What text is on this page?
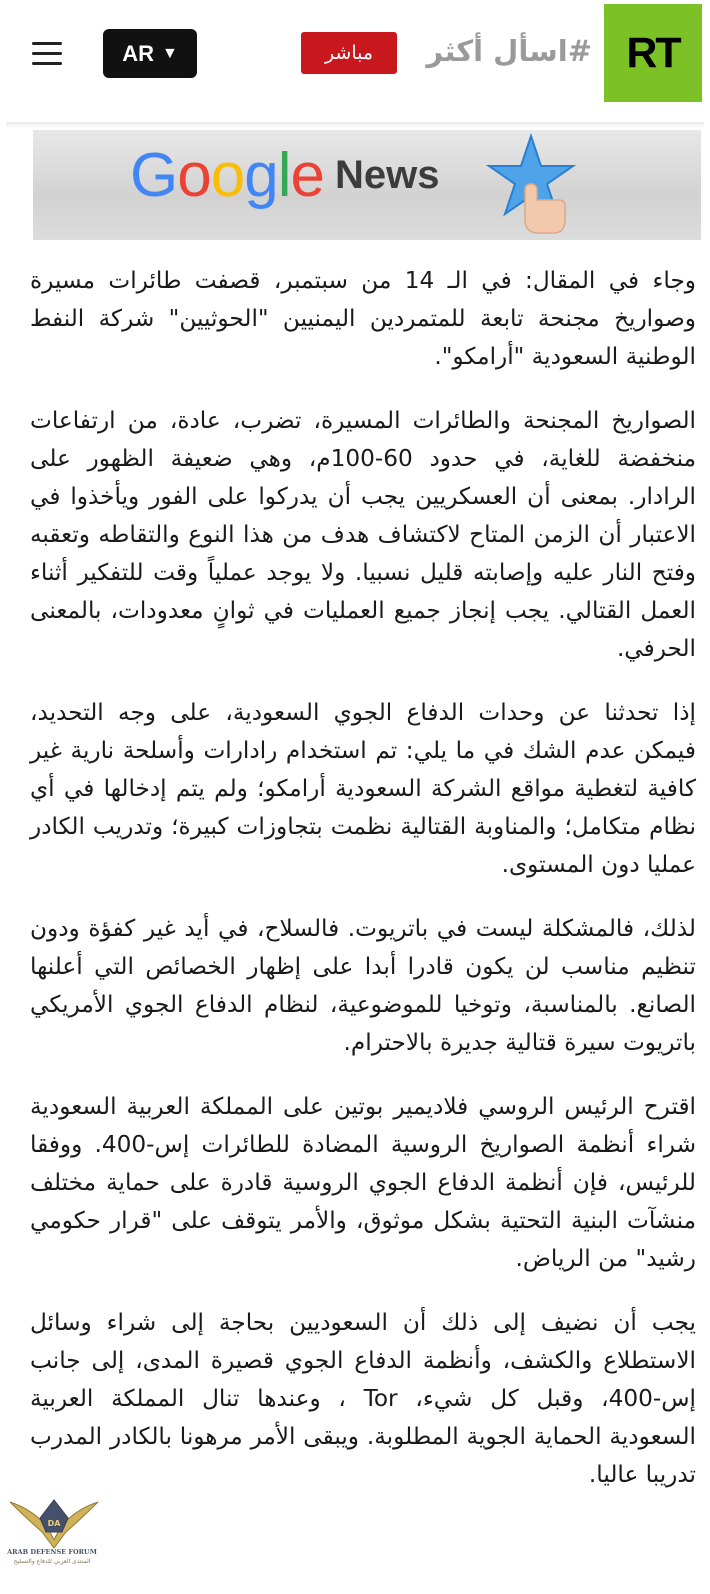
AR ▼	مباشر	#اسأل أكثر RT
Google News

وجاء في المقال: في الـ 14 من سبتمبر، قصفت طائرات مسيرة وصواريخ مجنحة تابعة للمتمردين اليمنيين "الحوثيين" شركة النفط الوطنية السعودية "أرامكو".

الصواريخ المجنحة والطائرات المسيرة، تضرب، عادة، من ارتفاعات منخفضة للغاية، في حدود 60-100م، وهي ضعيفة الظهور على الرادار. بمعنى أن العسكريين يجب أن يدركوا على الفور ويأخذوا في الاعتبار أن الزمن المتاح لاكتشاف هدف من هذا النوع والتقاطه وتعقبه وفتح النار عليه وإصابته قليل نسبيا. ولا يوجد عملياً وقت للتفكير أثناء العمل القتالي. يجب إنجاز جميع العمليات في ثوانٍ معدودات، بالمعنى الحرفي.

إذا تحدثنا عن وحدات الدفاع الجوي السعودية، على وجه التحديد، فيمكن عدم الشك في ما يلي: تم استخدام رادارات وأسلحة نارية غير كافية لتغطية مواقع الشركة السعودية أرامكو؛ ولم يتم إدخالها في أي نظام متكامل؛ والمناوبة القتالية نظمت بتجاوزات كبيرة؛ وتدريب الكادر عمليا دون المستوى.

لذلك، فالمشكلة ليست في باتريوت. فالسلاح، في أيد غير كفؤة ودون تنظيم مناسب لن يكون قادرا أبدا على إظهار الخصائص التي أعلنها الصانع. بالمناسبة، وتوخيا للموضوعية، لنظام الدفاع الجوي الأمريكي باتريوت سيرة قتالية جديرة بالاحترام.

اقترح الرئيس الروسي فلاديمير بوتين على المملكة العربية السعودية شراء أنظمة الصواريخ الروسية المضادة للطائرات إس-400. ووفقا للرئيس، فإن أنظمة الدفاع الجوي الروسية قادرة على حماية مختلف منشآت البنية التحتية بشكل موثوق، والأمر يتوقف على "قرار حكومي رشيد" من الرياض.

يجب أن نضيف إلى ذلك أن السعوديين بحاجة إلى شراء وسائل الاستطلاع والكشف، وأنظمة الدفاع الجوي قصيرة المدى، إلى جانب إس-400، وقبل كل شيء، Tor ، وعندها تنال المملكة العربية السعودية الحماية الجوية المطلوبة. ويبقى الأمر مرهونا بالكادر المدرب تدريبا عاليا.

DA
ARAB DEFENSE FORUM
المنتدى العربي للدفاع والتسليح
